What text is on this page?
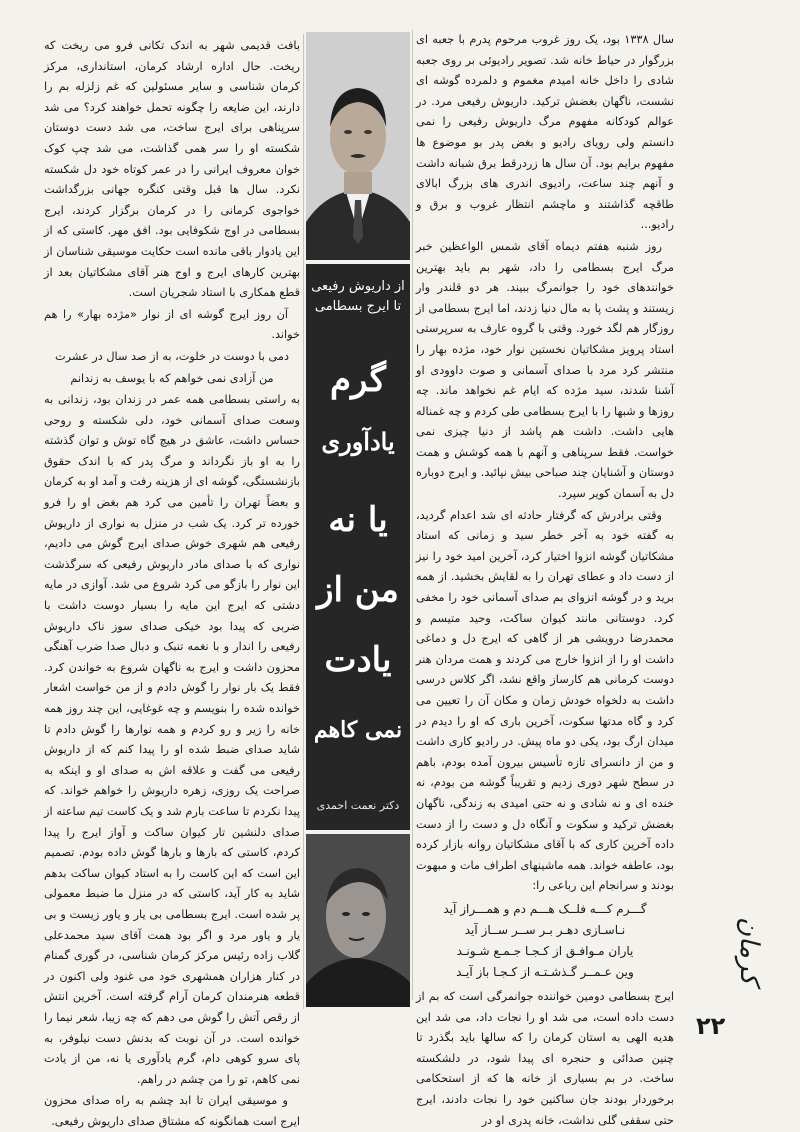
سال ۱۳۳۸ بود، یک روز غروب مرحوم پدرم با جعبه ای بزرگوار در حیاط خانه شد. تصویر رادیوئی بر روی جعبه شادی را داخل خانه امیدم مغموم و دلمرده گوشه ای نشست، ناگهان بغضش ترکید. داریوش رفیعی مرد. در عوالم کودکانه مفهوم مرگ داریوش رفیعی را نمی دانستم ولی رویای رادیو و بغض پدر بو موضوع ها مفهوم برایم بود. آن سال ها زردرقط برق شبانه داشت و آنهم چند ساعت، رادیوی اندری های بزرگ ابالای طاقچه گذاشتند و ماچشم انتظار غروب و برق و رادیو...

روز شنبه هفتم دیماه آقای شمس الواعظین خبر مرگ ایرج بسطامی را داد، شهر بم باید بهترین خوانندهای خود را جوانمرگ ببیند. هر دو قلندر وار زیستند و پشت پا به مال دنیا زدند، اما ایرج بسطامی از روزگار هم لگد خورد. وقتی با گروه عارف به سرپرستی استاد پرویز مشکاتیان نخستین نوار خود، مژده بهار را منتشر کرد مرد با صدای آسمانی و صوت داوودی او آشنا شدند، سید مژده که ایام غم نخواهد ماند. چه روزها و شبها را با ایرج بسطامی طی کردم و چه غمناله هایی داشت. داشت هم پاشد از دنیا چیزی نمی خواست. فقط سرپناهی و آنهم با همه کوشش و همت دوستان و آشنایان چند صباحی بیش نپائید. و ایرج دوباره دل به آسمان کویر سپرد.

وقتی برادرش که گرفتار حادثه ای شد اعدام گردید، به گفته خود به آخر خطر سید و زمانی که استاد مشکاتیان گوشه انزوا اختیار کرد، آخرین امید خود را نیز از دست داد و عطای تهران را به لقایش بخشید. از همه برید و در گوشه انزوای بم صدای آسمانی خود را مخفی کرد. دوستانی مانند کیوان ساکت، وحید متیسم و محمدرضا درویشی هر از گاهی که ایرج دل و دماغی داشت او را از انزوا خارج می کردند و همت مردان هنر دوست کرمانی هم کارساز واقع نشد، اگر کلاس درسی داشت به دلخواه خودش زمان و مکان آن را تعیین می کرد و گاه مدتها سکوت، آخرین باری که او را دیدم در میدان ارگ بود، یکی دو ماه پیش. در رادیو کاری داشت و من از دانسرای تازه تأسیس بیرون آمده بودم، باهم در سطح شهر دوری زدیم و تقریباً گوشه من بودم، نه خنده ای و نه شادی و نه حتی امیدی به زندگی، ناگهان بغضش ترکید و سکوت و آنگاه دل و دست را از دست داده آخرین کاری که با آقای مشکاتیان روانه بازار کرده بود، عاطفه خواند. همه ماشینهای اطراف مات و مبهوت بودند و سرانجام این رباعی را:

گـــرم کـــه فلــک هـــم دم و همـــراز آید
نـاسـازی دهـر بـر ســر ســاز آید
یاران مـوافـق از کـجـا جـمـع شـونـد
وین عـمــر گـذشـتـه از کـجـا باز آیـد

ایرج بسطامی دومین خواننده جوانمرگی است که بم از دست داده است، می شد او را نجات داد، می شد این هدیه الهی به استان کرمان را که سالها باید بگذرد تا چنین صدائی و حنجره ای پیدا شود، در دلشکسته ساخت. در بم بسیاری از خانه ها که از استحکامی برخوردار بودند جان ساکنین خود را نجات دادند، ایرج حتی سقفی گلی نداشت، خانه پدری او در

از داریوش رفیعی
تا ایرج بسطامی
گرم
یادآوری
یا نه
من از
یادت
نمی کاهم
دکتر نعمت احمدی

بافت قدیمی شهر به اندک تکانی فرو می ریخت که ریخت. حال اداره ارشاد کرمان، استانداری، مرکز کرمان شناسی و سایر مسئولین که غم زلزله بم را دارند، این ضایعه را چگونه تحمل خواهند کرد؟ می شد سرپناهی برای ایرج ساخت، می شد دست دوستان شکسته او را سر همی گذاشت، می شد چپ کوک خوان معروف ایرانی را در عمر کوتاه خود دل شکسته نکرد. سال ها قبل وقتی کنگره جهانی بزرگداشت خواجوی کرمانی را در کرمان برگزار کردند، ایرج بسطامی در اوج شکوفایی بود. افق مهر. کاستی که از این یادوار باقی مانده است حکایت موسیقی شناسان از بهترین کارهای ایرج و اوج هنر آقای مشکاتیان بعد از قطع همکاری با استاد شجریان است.

آن روز ایرج گوشه ای از نوار «مژده بهار» را هم خواند.

دمی با دوست در خلوت، به از صد سال در عشرت

من آزادی نمی خواهم که با یوسف به زندانم

به راستی بسطامی همه عمر در زندان بود، زندانی به وسعت صدای آسمانی خود، دلی شکسته و روحی حساس داشت، عاشق در هیچ گاه توش و توان گذشته را به او باز نگرداند و مرگ پدر که با اندک حقوق بازنشستگی، گوشه ای از هزینه رفت و آمد او به کرمان و بعضاً تهران را تأمین می کرد هم بغض او را فرو خورده تر کرد. یک شب در منزل به نواری از داریوش رفیعی هم شهری خوش صدای ایرج گوش می دادیم، نواری که با صدای مادر داریوش رفیعی که سرگذشت این نوار را بازگو می کرد شروع می شد. آوازی در مایه دشتی که ایرج این مایه را بسیار دوست داشت با ضربی که پیدا بود خیکی صدای سوز ناک داریوش رفیعی را اندار و با نغمه تنبک و دبال صدا ضرب آهنگی محزون داشت و ایرج به ناگهان شروع به خواندن کرد. فقط یک بار نوار را گوش دادم و از من خواست اشعار خوانده شده را بنویسم و چه غوغایی، این چند روز همه خانه را زیر و رو کردم و همه نوارها را گوش دادم تا شاید صدای ضبط شده او را پیدا کنم که از داریوش رفیعی می گفت و علاقه اش به صدای او و اینکه به صراحت یک روزی، زهره داریوش را خواهم خواند. که پیدا نکردم تا ساعت بارم شد و یک کاست تیم ساعته از صدای دلنشین تار کیوان ساکت و آواز ایرج را پیدا کردم، کاستی که بارها و بارها گوش داده بودم. تصمیم این است که این کاست را به استاد کیوان ساکت بدهم شاید به کار آید، کاستی که در منزل ما ضبط معمولی پر شده است. ایرج بسطامی بی یار و یاور زیست و بی یار و یاور مرد و اگر بود همت آقای سید محمدعلی گلاب زاده رئیس مرکز کرمان شناسی، در گوری گمنام در کنار هزاران همشهری خود می غنود ولی اکنون در قطعه هنرمندان کرمان آرام گرفته است. آخرین انتش از رقص آتش را گوش می دهم که چه زیبا، شعر نیما را خوانده است. در آن نوبت که بدنش دست نیلوفر، به پای سرو کوهی دام، گرم یادآوری یا نه، من از یادت نمی کاهم، تو را من چشم در راهم.

و موسیقی ایران تا ابد چشم به راه صدای محزون ایرج است همانگونه که مشتاق صدای داریوش رفیعی.

کرمان
۲۲
